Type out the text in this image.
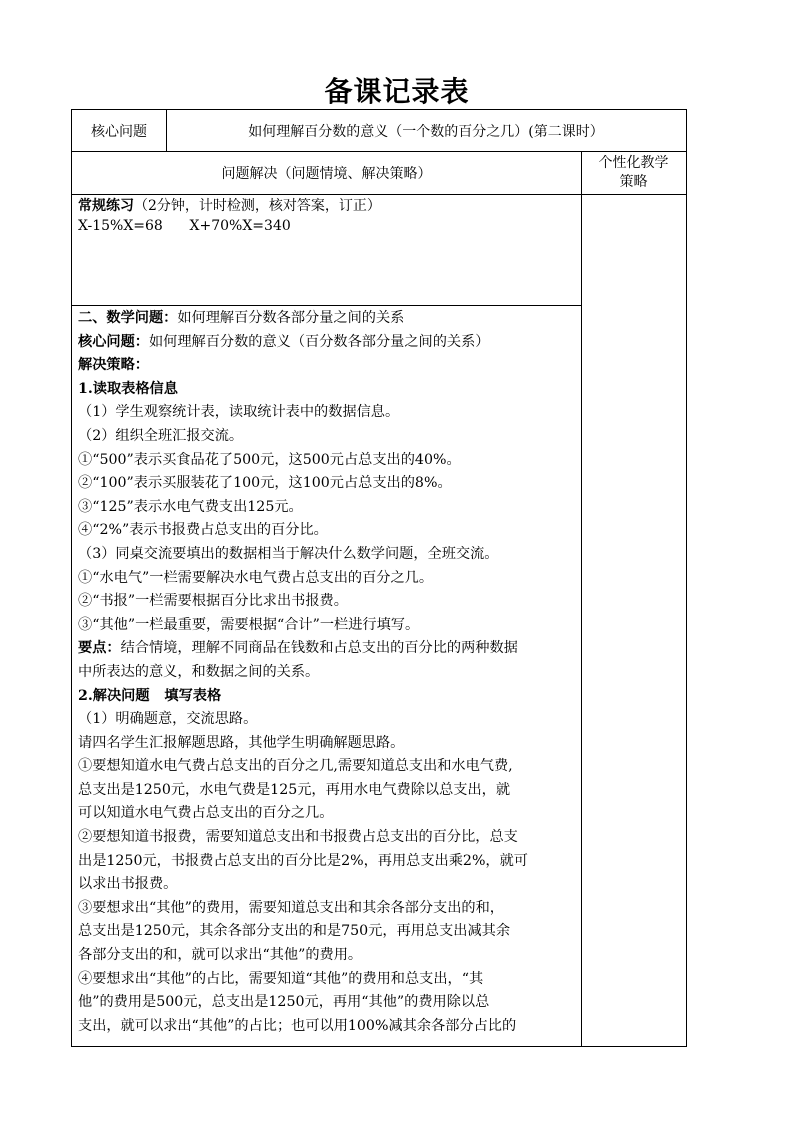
备课记录表
核心问题	如何理解百分数的意义（一个数的百分之几）(第二课时）
问题解决（问题情境、解决策略）
个性化教学
策略
常规练习（2分钟，计时检测，核对答案，订正）
X-15%X=68      X+70%X=340
二、数学问题：如何理解百分数各部分量之间的关系
核心问题：如何理解百分数的意义（百分数各部分量之间的关系）
解决策略：
1.读取表格信息
（1）学生观察统计表，读取统计表中的数据信息。
（2）组织全班汇报交流。
①“500”表示买食品花了500元，这500元占总支出的40%。
②“100”表示买服装花了100元，这100元占总支出的8%。
③“125”表示水电气费支出125元。
④“2%”表示书报费占总支出的百分比。
（3）同桌交流要填出的数据相当于解决什么数学问题，全班交流。
①“水电气”一栏需要解决水电气费占总支出的百分之几。
②“书报”一栏需要根据百分比求出书报费。
③“其他”一栏最重要，需要根据“合计”一栏进行填写。
要点：结合情境，理解不同商品在钱数和占总支出的百分比的两种数据
中所表达的意义，和数据之间的关系。
2.解决问题   填写表格
（1）明确题意，交流思路。
请四名学生汇报解题思路，其他学生明确解题思路。
①要想知道水电气费占总支出的百分之几,需要知道总支出和水电气费,
总支出是1250元，水电气费是125元，再用水电气费除以总支出，就
可以知道水电气费占总支出的百分之几。
②要想知道书报费，需要知道总支出和书报费占总支出的百分比，总支
出是1250元，书报费占总支出的百分比是2%，再用总支出乘2%，就可
以求出书报费。
③要想求出“其他”的费用，需要知道总支出和其余各部分支出的和，
总支出是1250元，其余各部分支出的和是750元，再用总支出减其余
各部分支出的和，就可以求出“其他”的费用。
④要想求出“其他”的占比，需要知道“其他”的费用和总支出，“其
他”的费用是500元，总支出是1250元，再用“其他”的费用除以总
支出，就可以求出“其他”的占比；也可以用100%减其余各部分占比的
